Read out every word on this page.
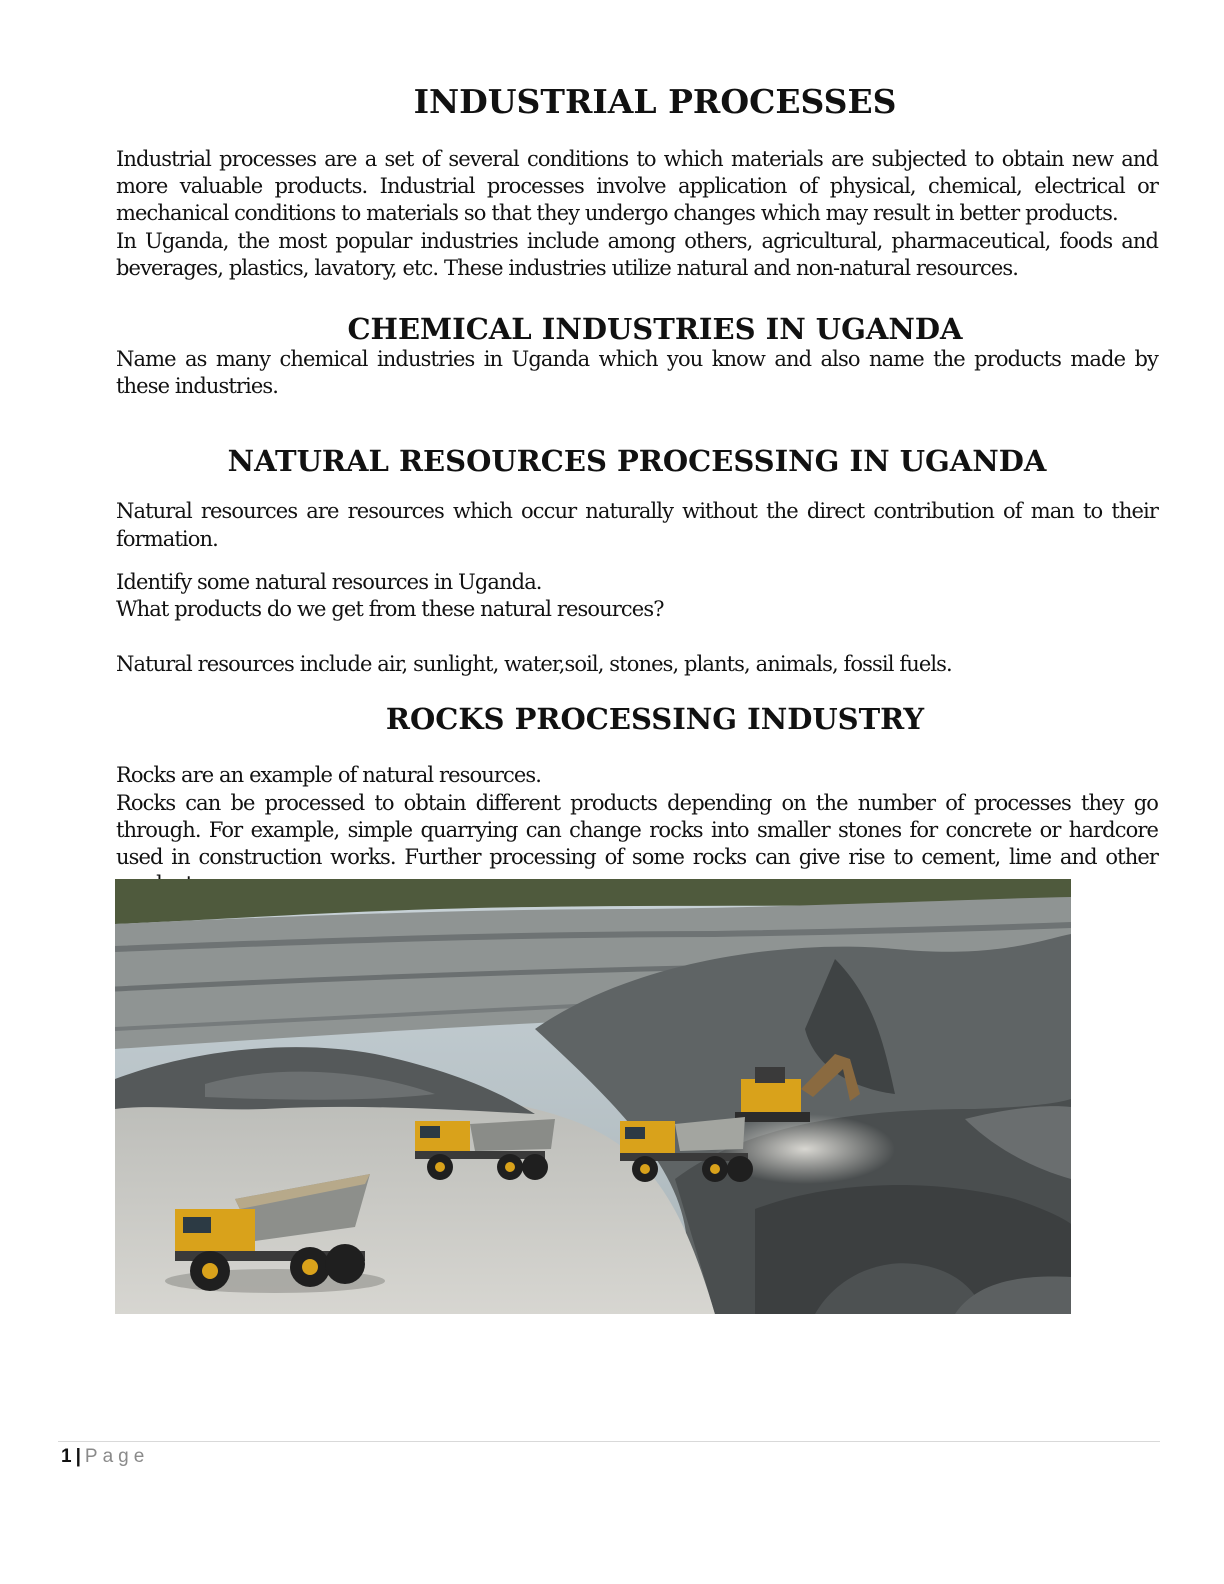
INDUSTRIAL PROCESSES

Industrial processes are a set of several conditions to which materials are subjected to obtain new and more valuable products. Industrial processes involve application of physical, chemical, electrical or mechanical conditions to materials so that they undergo changes which may result in better products.

In Uganda, the most popular industries include among others, agricultural, pharmaceutical, foods and beverages, plastics, lavatory, etc. These industries utilize natural and non-natural resources.

CHEMICAL INDUSTRIES IN UGANDA

Name as many chemical industries in Uganda which you know and also name the products made by these industries.

NATURAL RESOURCES PROCESSING IN UGANDA

Natural resources are resources which occur naturally without the direct contribution of man to their formation.

Identify some natural resources in Uganda.

What products do we get from these natural resources?

Natural resources include air, sunlight, water,soil, stones, plants, animals, fossil fuels.

ROCKS PROCESSING INDUSTRY

Rocks are an example of natural resources.

Rocks can be processed to obtain different products depending on the number of processes they go through. For example, simple quarrying can change rocks into smaller stones for concrete or hardcore used in construction works. Further processing of some rocks can give rise to cement, lime and other

1 | Page
